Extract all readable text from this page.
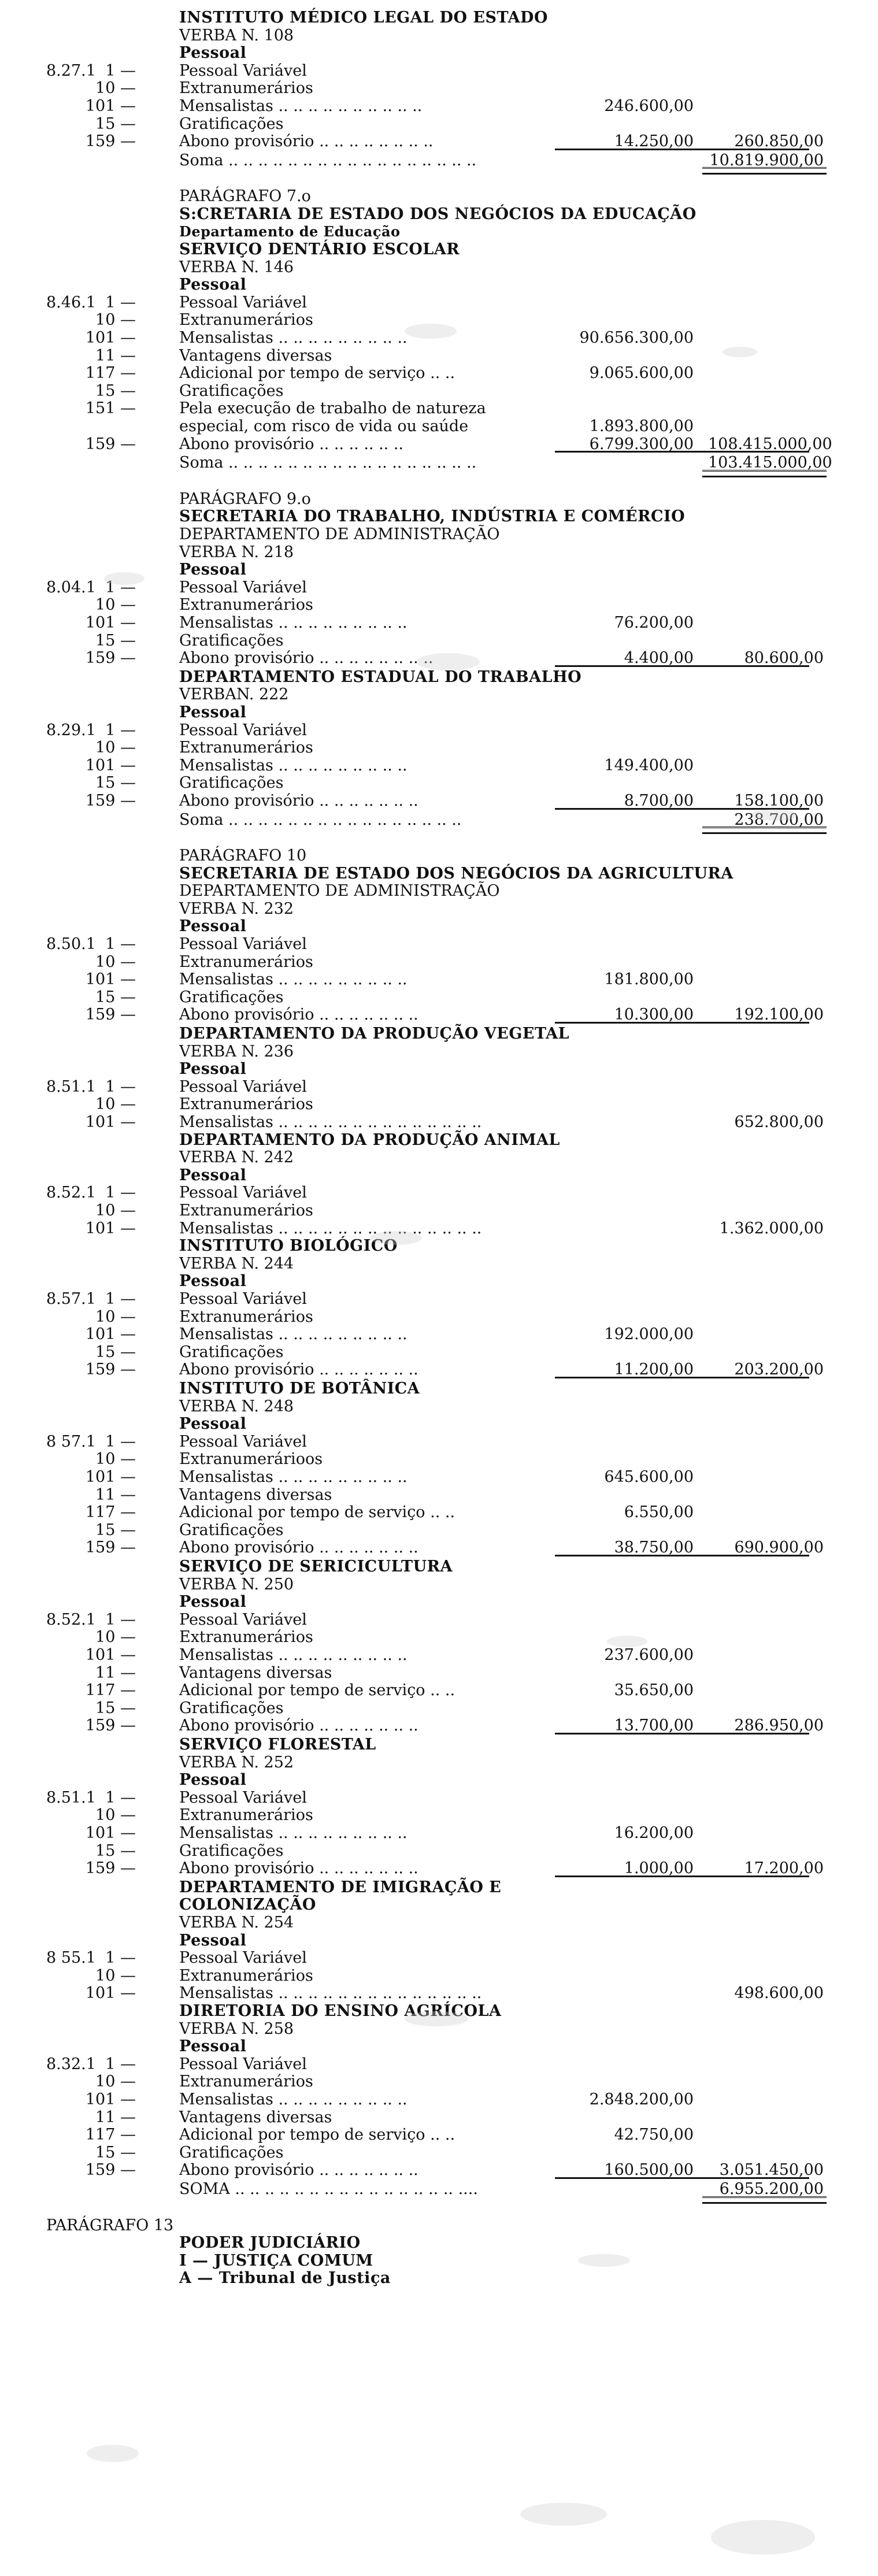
INSTITUTO MÉDICO LEGAL DO ESTADO
VERBA N. 108
Pessoal
8.27.1 1 —	Pessoal Variável
10 —	Extranumerários
101 —	Mensalistas .. .. .. .. .. .. .. .. .. ..	246.600,00
15 —	Gratificações
159 —	Abono provisório .. .. .. .. .. .. .. ..	14.250,00	260.850,00
Soma .. .. .. .. .. .. .. .. .. .. .. .. .. .. .. .. ..	10.819.900,00
PARÁGRAFO 7.o
S:CRETARIA DE ESTADO DOS NEGÓCIOS DA EDUCAÇÃO
Departamento de Educação
SERVIÇO DENTÁRIO ESCOLAR
VERBA N. 146
Pessoal
8.46.1 1 —	Pessoal Variável
10 —	Extranumerários
101 —	Mensalistas .. .. .. .. .. .. .. .. ..	90.656.300,00
11 —	Vantagens diversas
117 —	Adicional por tempo de serviço .. ..	9.065.600,00
15 —	Gratificações
151 —	Pela execução de trabalho de natureza
especial, com risco de vida ou saúde	1.893.800,00
159 —	Abono provisório .. .. .. .. .. ..	6.799.300,00 108.415.000,00
Soma .. .. .. .. .. .. .. .. .. .. .. .. .. .. .. .. ..	103.415.000,00
PARÁGRAFO 9.o
SECRETARIA DO TRABALHO, INDÚSTRIA E COMÉRCIO
DEPARTAMENTO DE ADMINISTRAÇÃO
VERBA N. 218
Pessoal
8.04.1 1 —	Pessoal Variável
10 —	Extranumerários
101 —	Mensalistas .. .. .. .. .. .. .. .. ..	76.200,00
15 —	Gratificações
159 —	Abono provisório .. .. .. .. .. .. .. ..	4.400,00	80.600,00
DEPARTAMENTO ESTADUAL DO TRABALHO
VERBAN. 222
Pessoal
8.29.1 1 —	Pessoal Variável
10 —	Extranumerários
101 —	Mensalistas .. .. .. .. .. .. .. .. ..	149.400,00
15 —	Gratificações
159 —	Abono provisório .. .. .. .. .. .. ..	8.700,00	158.100,00
Soma .. .. .. .. .. .. .. .. .. .. .. .. .. .. .. ..	238.700,00
PARÁGRAFO 10
SECRETARIA DE ESTADO DOS NEGÓCIOS DA AGRICULTURA
DEPARTAMENTO DE ADMINISTRAÇÃO
VERBA N. 232
Pessoal
8.50.1 1 —	Pessoal Variável
10 —	Extranumerários
101 —	Mensalistas .. .. .. .. .. .. .. .. ..	181.800,00
15 —	Gratificações
159 —	Abono provisório .. .. .. .. .. .. ..	10.300,00	192.100,00
DEPARTAMENTO DA PRODUÇÃO VEGETAL
VERBA N. 236
Pessoal
8.51.1 1 —	Pessoal Variável
10 —	Extranumerários
101 —	Mensalistas .. .. .. .. .. .. .. .. .. .. .. .. .. ..	652.800,00
DEPARTAMENTO DA PRODUÇÃO ANIMAL
VERBA N. 242
Pessoal
8.52.1 1 —	Pessoal Variável
10 —	Extranumerários
101 —	Mensalistas .. .. .. .. .. .. .. .. .. .. .. .. .. ..	1.362.000,00
INSTITUTO BIOLÓGICO
VERBA N. 244
Pessoal
8.57.1 1 —	Pessoal Variável
10 —	Extranumerários
101 —	Mensalistas .. .. .. .. .. .. .. .. ..	192.000,00
15 —	Gratificações
159 —	Abono provisório .. .. .. .. .. .. ..	11.200,00	203.200,00
INSTITUTO DE BOTÂNICA
VERBA N. 248
Pessoal
8 57.1 1 —	Pessoal Variável
10 —	Extranumerárioos
101 —	Mensalistas .. .. .. .. .. .. .. .. ..	645.600,00
11 —	Vantagens diversas
117 —	Adicional por tempo de serviço .. ..	6.550,00
15 —	Gratificações
159 —	Abono provisório .. .. .. .. .. .. ..	38.750,00	690.900,00
SERVIÇO DE SERICICULTURA
VERBA N. 250
Pessoal
8.52.1 1 —	Pessoal Variável
10 —	Extranumerários
101 —	Mensalistas .. .. .. .. .. .. .. .. ..	237.600,00
11 —	Vantagens diversas
117 —	Adicional por tempo de serviço .. ..	35.650,00
15 —	Gratificações
159 —	Abono provisório .. .. .. .. .. .. ..	13.700,00	286.950,00
SERVIÇO FLORESTAL
VERBA N. 252
Pessoal
8.51.1 1 —	Pessoal Variável
10 —	Extranumerários
101 —	Mensalistas .. .. .. .. .. .. .. .. ..	16.200,00
15 —	Gratificações
159 —	Abono provisório .. .. .. .. .. .. ..	1.000,00	17.200,00
DEPARTAMENTO DE IMIGRAÇÃO E
COLONIZAÇÃO
VERBA N. 254
Pessoal
8 55.1 1 —	Pessoal Variável
10 —	Extranumerários
101 —	Mensalistas .. .. .. .. .. .. .. .. .. .. .. .. .. ..	498.600,00
DIRETORIA DO ENSINO AGRÍCOLA
VERBA N. 258
Pessoal
8.32.1 1 —	Pessoal Variável
10 —	Extranumerários
101 —	Mensalistas .. .. .. .. .. .. .. .. ..	2.848.200,00
11 —	Vantagens diversas
117 —	Adicional por tempo de serviço .. ..	42.750,00
15 —	Gratificações
159 —	Abono provisório .. .. .. .. .. .. ..	160.500,00	3.051.450,00
SOMA .. .. .. .. .. .. .. .. .. .. .. .. .. .. .. ....	6.955.200,00
PARÁGRAFO 13
PODER JUDICIÁRIO
I — JUSTIÇA COMUM
A — Tribunal de Justiça
